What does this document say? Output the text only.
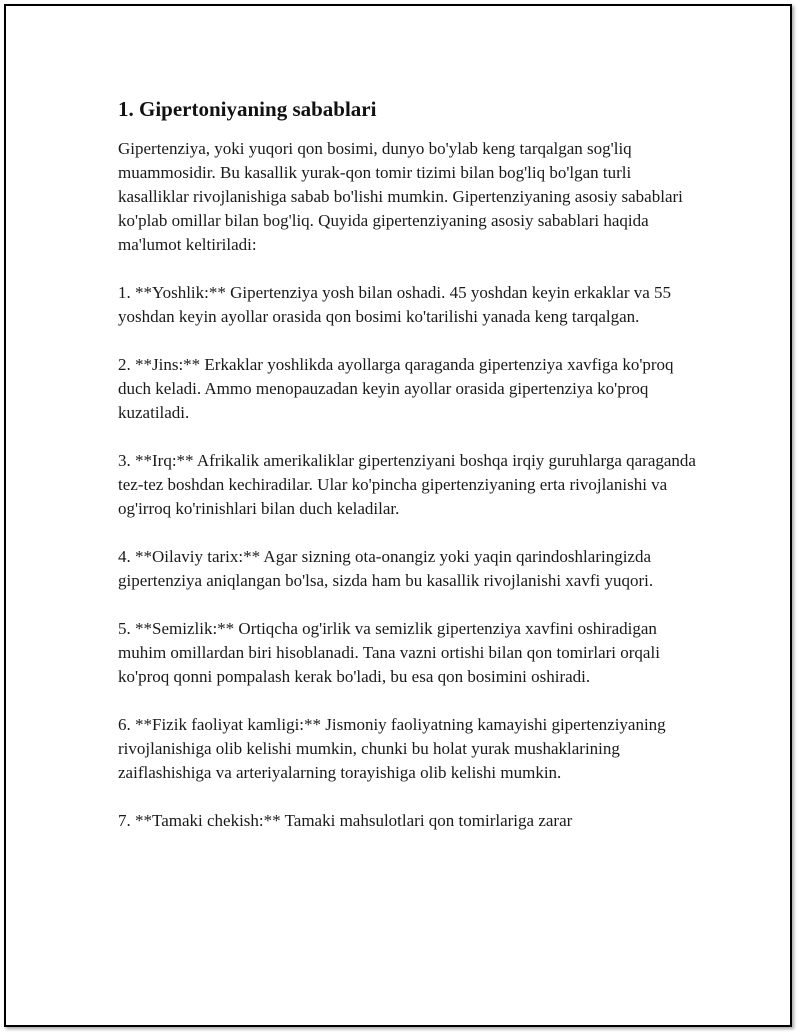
1. Gipertoniyaning sabablari

Gipertenziya, yoki yuqori qon bosimi, dunyo bo'ylab keng tarqalgan sog'liq muammosidir. Bu kasallik yurak-qon tomir tizimi bilan bog'liq bo'lgan turli kasalliklar rivojlanishiga sabab bo'lishi mumkin. Gipertenziyaning asosiy sabablari ko'plab omillar bilan bog'liq. Quyida gipertenziyaning asosiy sabablari haqida ma'lumot keltiriladi:

1. **Yoshlik:** Gipertenziya yosh bilan oshadi. 45 yoshdan keyin erkaklar va 55 yoshdan keyin ayollar orasida qon bosimi ko'tarilishi yanada keng tarqalgan.

2. **Jins:** Erkaklar yoshlikda ayollarga qaraganda gipertenziya xavfiga ko'proq duch keladi. Ammo menopauzadan keyin ayollar orasida gipertenziya ko'proq kuzatiladi.

3. **Irq:** Afrikalik amerikaliklar gipertenziyani boshqa irqiy guruhlarga qaraganda tez-tez boshdan kechiradilar. Ular ko'pincha gipertenziyaning erta rivojlanishi va og'irroq ko'rinishlari bilan duch keladilar.

4. **Oilaviy tarix:** Agar sizning ota-onangiz yoki yaqin qarindoshlaringizda gipertenziya aniqlangan bo'lsa, sizda ham bu kasallik rivojlanishi xavfi yuqori.

5. **Semizlik:** Ortiqcha og'irlik va semizlik gipertenziya xavfini oshiradigan muhim omillardan biri hisoblanadi. Tana vazni ortishi bilan qon tomirlari orqali ko'proq qonni pompalash kerak bo'ladi, bu esa qon bosimini oshiradi.

6. **Fizik faoliyat kamligi:** Jismoniy faoliyatning kamayishi gipertenziyaning rivojlanishiga olib kelishi mumkin, chunki bu holat yurak mushaklarining zaiflashishiga va arteriyalarning torayishiga olib kelishi mumkin.

7. **Tamaki chekish:** Tamaki mahsulotlari qon tomirlariga zarar
